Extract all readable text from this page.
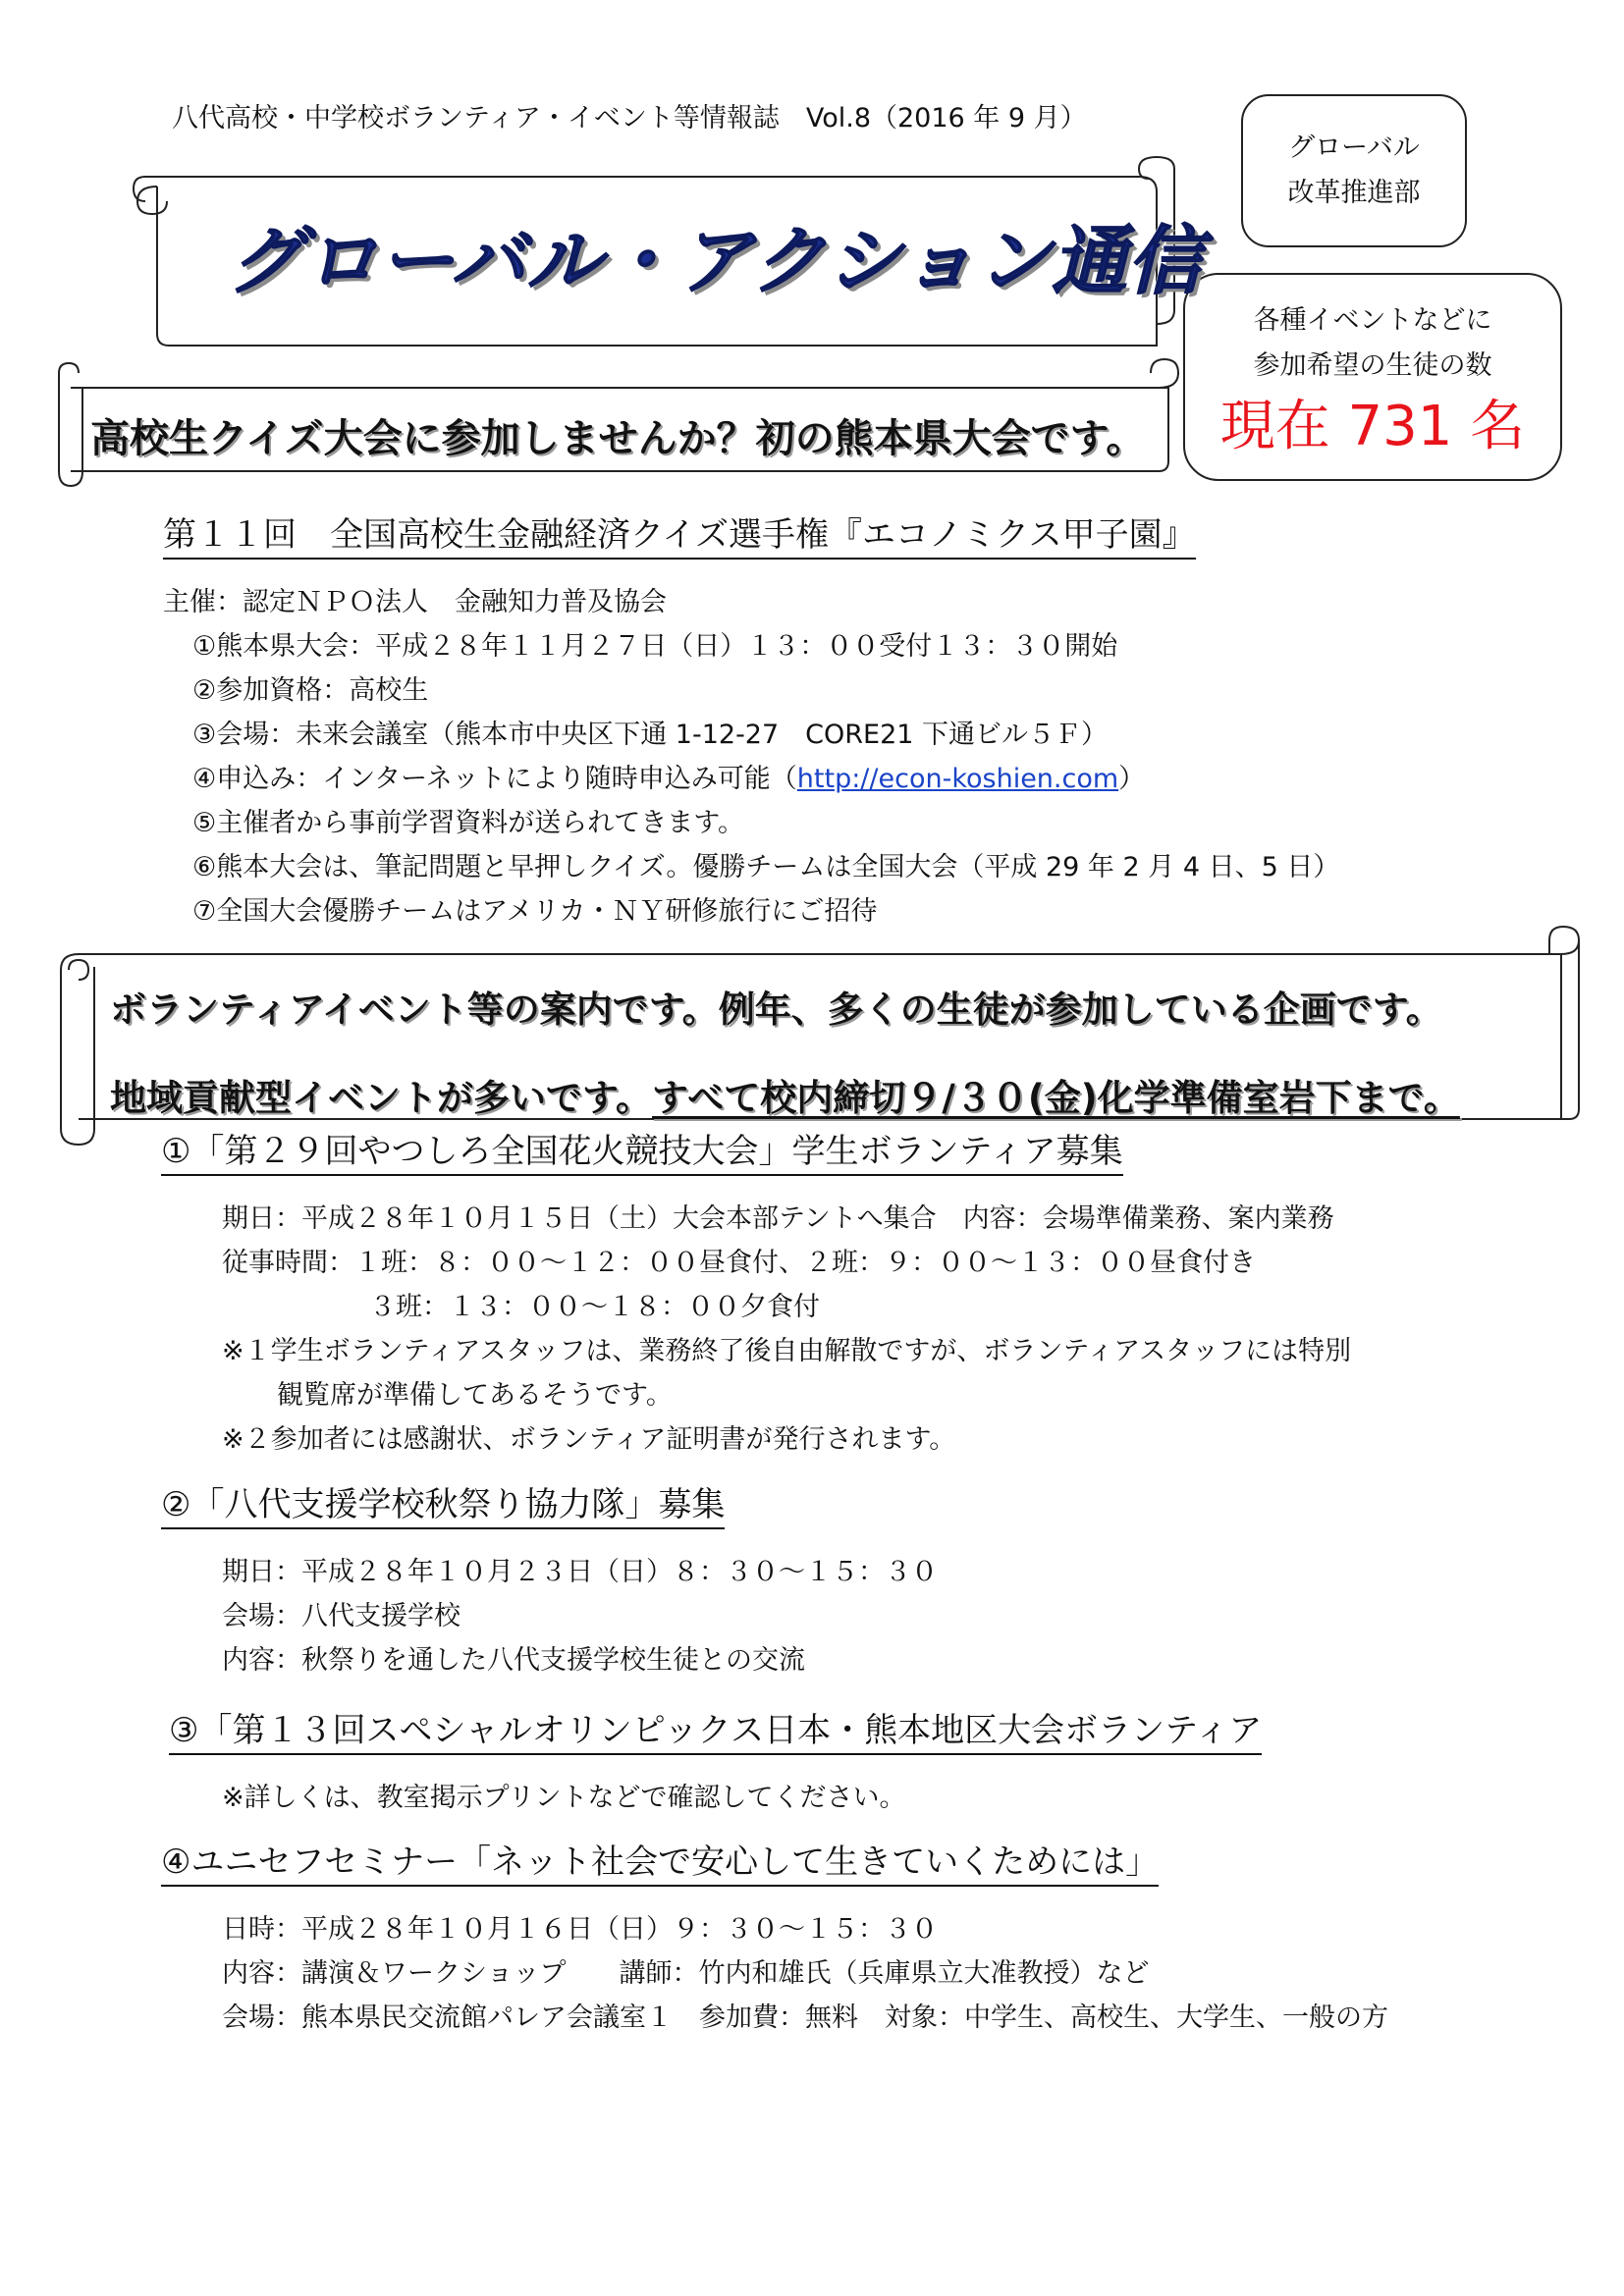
八代高校・中学校ボランティア・イベント等情報誌　Vol.8（2016 年 9 月）
グローバル
改革推進部
各種イベントなどに
参加希望の生徒の数
現在 731 名
グローバル・アクション通信
高校生クイズ大会に参加しませんか？初の熊本県大会です。
第１１回　全国高校生金融経済クイズ選手権『エコノミクス甲子園』
主催：認定ＮＰＯ法人　金融知力普及協会
①熊本県大会：平成２８年１１月２７日（日）１３：００受付１３：３０開始
②参加資格：高校生
③会場：未来会議室（熊本市中央区下通 1-12-27　CORE21 下通ビル５Ｆ）
④申込み：インターネットにより随時申込み可能（http://econ-koshien.com）
⑤主催者から事前学習資料が送られてきます。
⑥熊本大会は、筆記問題と早押しクイズ。優勝チームは全国大会（平成 29 年 2 月 4 日、5 日）
⑦全国大会優勝チームはアメリカ・ＮＹ研修旅行にご招待
ボランティアイベント等の案内です。例年、多くの生徒が参加している企画です。
地域貢献型イベントが多いです。すべて校内締切９/３０(金)化学準備室岩下まで。
①「第２９回やつしろ全国花火競技大会」学生ボランティア募集
期日：平成２８年１０月１５日（土）大会本部テントへ集合　内容：会場準備業務、案内業務
従事時間：１班：８：００～１２：００昼食付、２班：９：００～１３：００昼食付き
３班：１３：００～１８：００夕食付
※１学生ボランティアスタッフは、業務終了後自由解散ですが、ボランティアスタッフには特別
観覧席が準備してあるそうです。
※２参加者には感謝状、ボランティア証明書が発行されます。
②「八代支援学校秋祭り協力隊」募集
期日：平成２８年１０月２３日（日）８：３０～１５：３０
会場：八代支援学校
内容：秋祭りを通した八代支援学校生徒との交流
③「第１３回スペシャルオリンピックス日本・熊本地区大会ボランティア
※詳しくは、教室掲示プリントなどで確認してください。
④ユニセフセミナー「ネット社会で安心して生きていくためには」
日時：平成２８年１０月１６日（日）９：３０～１５：３０
内容：講演＆ワークショップ　　講師：竹内和雄氏（兵庫県立大准教授）など
会場：熊本県民交流館パレア会議室１　参加費：無料　対象：中学生、高校生、大学生、一般の方
